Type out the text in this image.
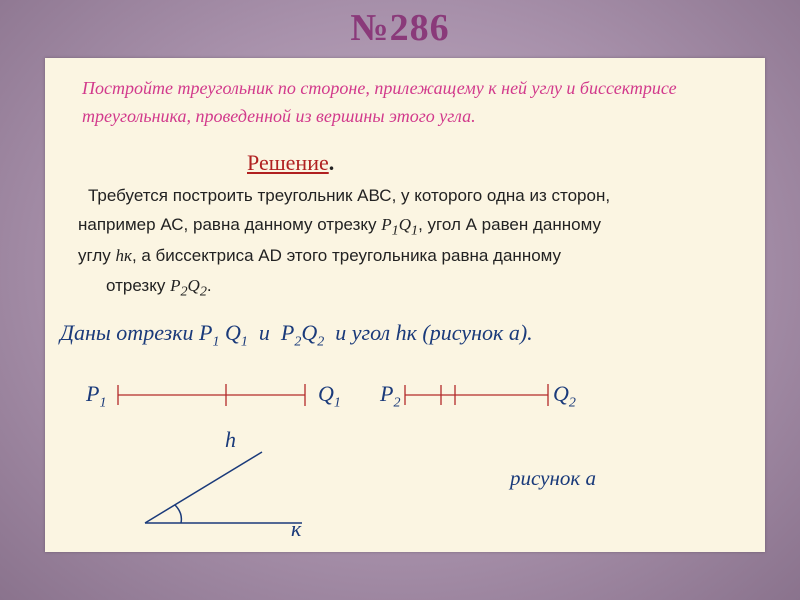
№286
Постройте треугольник по стороне, прилежащему к ней углу и биссектрисе треугольника, проведенной из вершины этого угла.
Решение.
Требуется построить треугольник АВС, у которого одна из сторон,
например АС, равна данному отрезку $P_1Q_1$, угол А равен данному
углу hк, а биссектриса АD этого треугольника равна данному
отрезку $P_2Q_2$.
Даны отрезки $P_1$ $Q_1$ и $P_2Q_2$ и угол hк (рисунок а).
$P_1$	$Q_1$ $P_2$	$Q_2$
h
к
рисунок а
